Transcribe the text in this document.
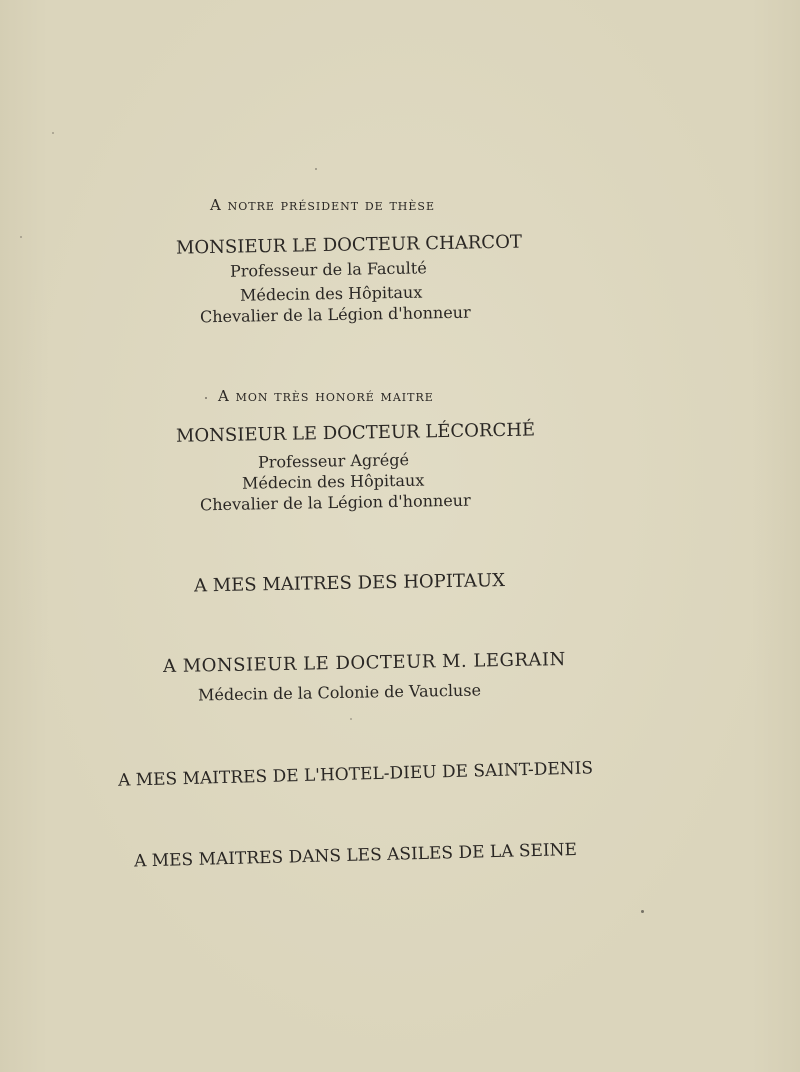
A notre président de thèse
MONSIEUR LE DOCTEUR CHARCOT
Professeur de la Faculté
Médecin des Hôpitaux
Chevalier de la Légion d'honneur
A mon très honoré maitre
MONSIEUR LE DOCTEUR LÉCORCHÉ
Professeur Agrégé
Médecin des Hôpitaux
Chevalier de la Légion d'honneur
A MES MAITRES DES HOPITAUX
A MONSIEUR LE DOCTEUR M. LEGRAIN
Médecin de la Colonie de Vaucluse
A MES MAITRES DE L'HOTEL-DIEU DE SAINT-DENIS
A MES MAITRES DANS LES ASILES DE LA SEINE
